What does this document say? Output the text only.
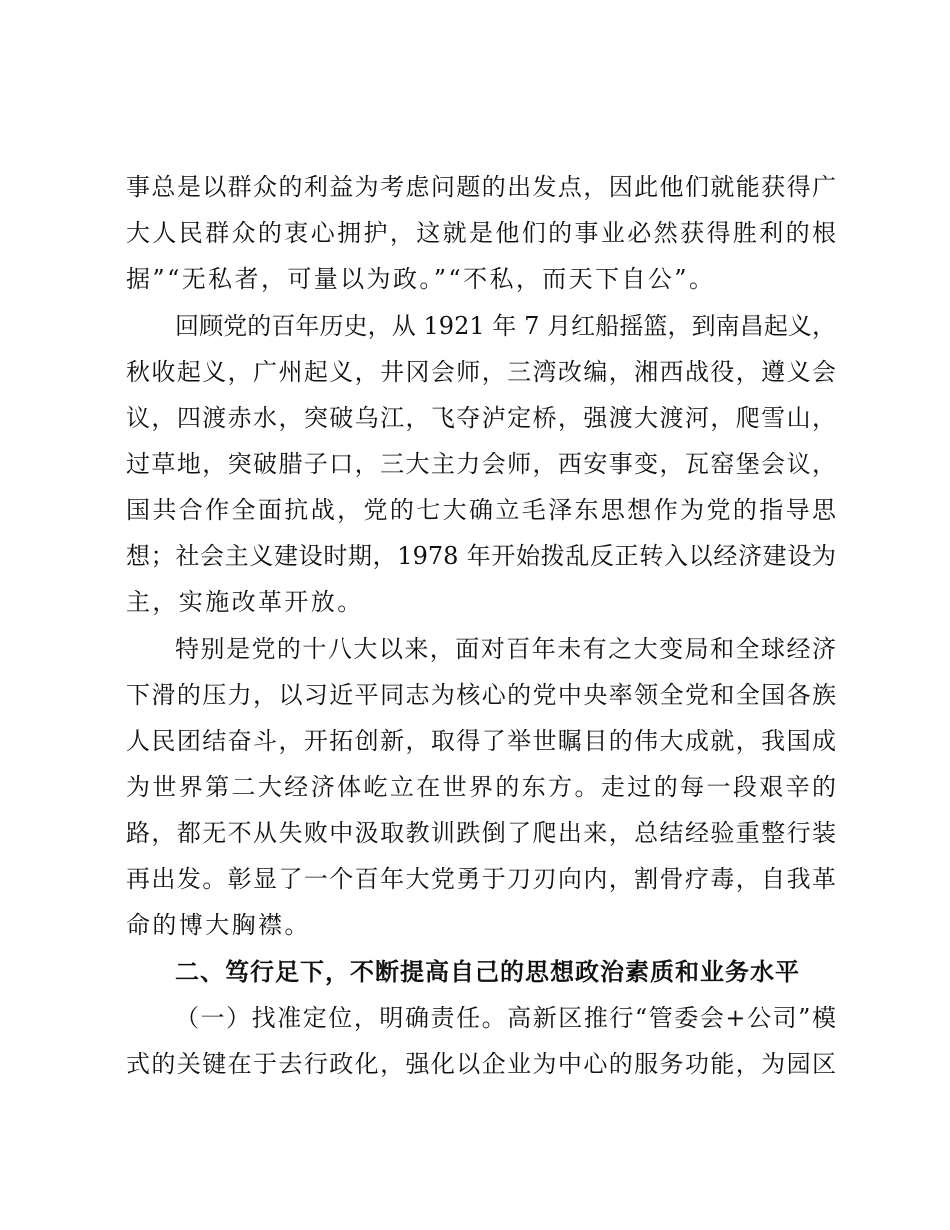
事总是以群众的利益为考虑问题的出发点，因此他们就能获得广
大人民群众的衷心拥护，这就是他们的事业必然获得胜利的根
据”“无私者，可量以为政。”“不私，而天下自公”。
回顾党的百年历史，从 1921 年 7 月红船摇篮，到南昌起义，
秋收起义，广州起义，井冈会师，三湾改编，湘西战役，遵义会
议，四渡赤水，突破乌江，飞夺泸定桥，强渡大渡河，爬雪山，
过草地，突破腊子口，三大主力会师，西安事变，瓦窑堡会议，
国共合作全面抗战，党的七大确立毛泽东思想作为党的指导思
想；社会主义建设时期，1978 年开始拨乱反正转入以经济建设为
主，实施改革开放。
特别是党的十八大以来，面对百年未有之大变局和全球经济
下滑的压力，以习近平同志为核心的党中央率领全党和全国各族
人民团结奋斗，开拓创新，取得了举世瞩目的伟大成就，我国成
为世界第二大经济体屹立在世界的东方。走过的每一段艰辛的
路，都无不从失败中汲取教训跌倒了爬出来，总结经验重整行装
再出发。彰显了一个百年大党勇于刀刃向内，割骨疗毒，自我革
命的博大胸襟。
二、笃行足下，不断提高自己的思想政治素质和业务水平
（一）找准定位，明确责任。高新区推行“管委会+公司”模
式的关键在于去行政化，强化以企业为中心的服务功能，为园区
